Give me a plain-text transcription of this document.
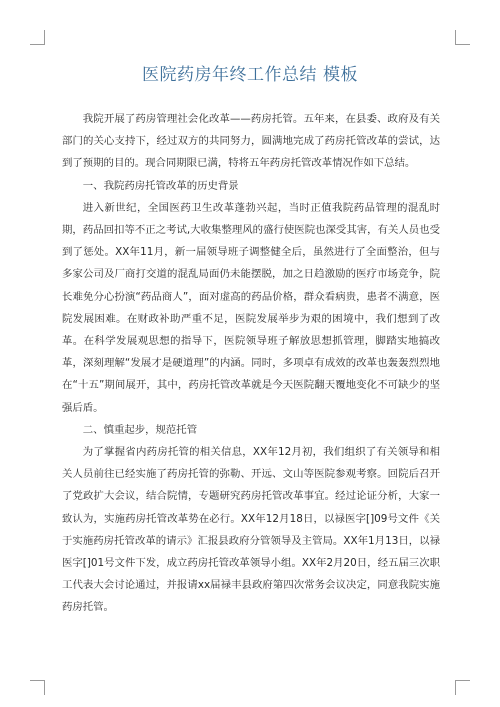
医院药房年终工作总结 模板

我院开展了药房管理社会化改革——药房托管。五年来，在县委、政府及有关部门的关心支持下，经过双方的共同努力，圆满地完成了药房托管改革的尝试，达到了预期的目的。现合同期限已满，特将五年药房托管改革情况作如下总结。

一、我院药房托管改革的历史背景

进入新世纪，全国医药卫生改革蓬勃兴起，当时正值我院药品管理的混乱时期，药品回扣等不正之考试,大收集整理风的盛行使医院也深受其害，有关人员也受到了惩处。XX年11月，新一届领导班子调整健全后，虽然进行了全面整治，但与多家公司及厂商打交道的混乱局面仍未能摆脱，加之日趋激励的医疗市场竞争，院长难免分心扮演“药品商人”，面对虚高的药品价格，群众看病贵，患者不满意，医院发展困难。在财政补助严重不足，医院发展举步为艰的困境中，我们想到了改革。在科学发展观思想的指导下，医院领导班子解放思想抓管理，脚踏实地搞改革，深刻理解“发展才是硬道理”的内涵。同时，多项卓有成效的改革也轰轰烈烈地在“十五”期间展开，其中，药房托管改革就是今天医院翻天覆地变化不可缺少的坚强后盾。

二、慎重起步，规范托管

为了掌握省内药房托管的相关信息，XX年12月初，我们组织了有关领导和相关人员前往已经实施了药房托管的弥勒、开远、文山等医院参观考察。回院后召开了党政扩大会议，结合院情，专题研究药房托管改革事宜。经过论证分析，大家一致认为，实施药房托管改革势在必行。XX年12月18日，以禄医字[]09号文件《关于实施药房托管改革的请示》汇报县政府分管领导及主管局。XX年1月13日，以禄医字[]01号文件下发，成立药房托管改革领导小组。XX年2月20日，经五届三次职工代表大会讨论通过，并报请xx届禄丰县政府第四次常务会议决定，同意我院实施药房托管。
